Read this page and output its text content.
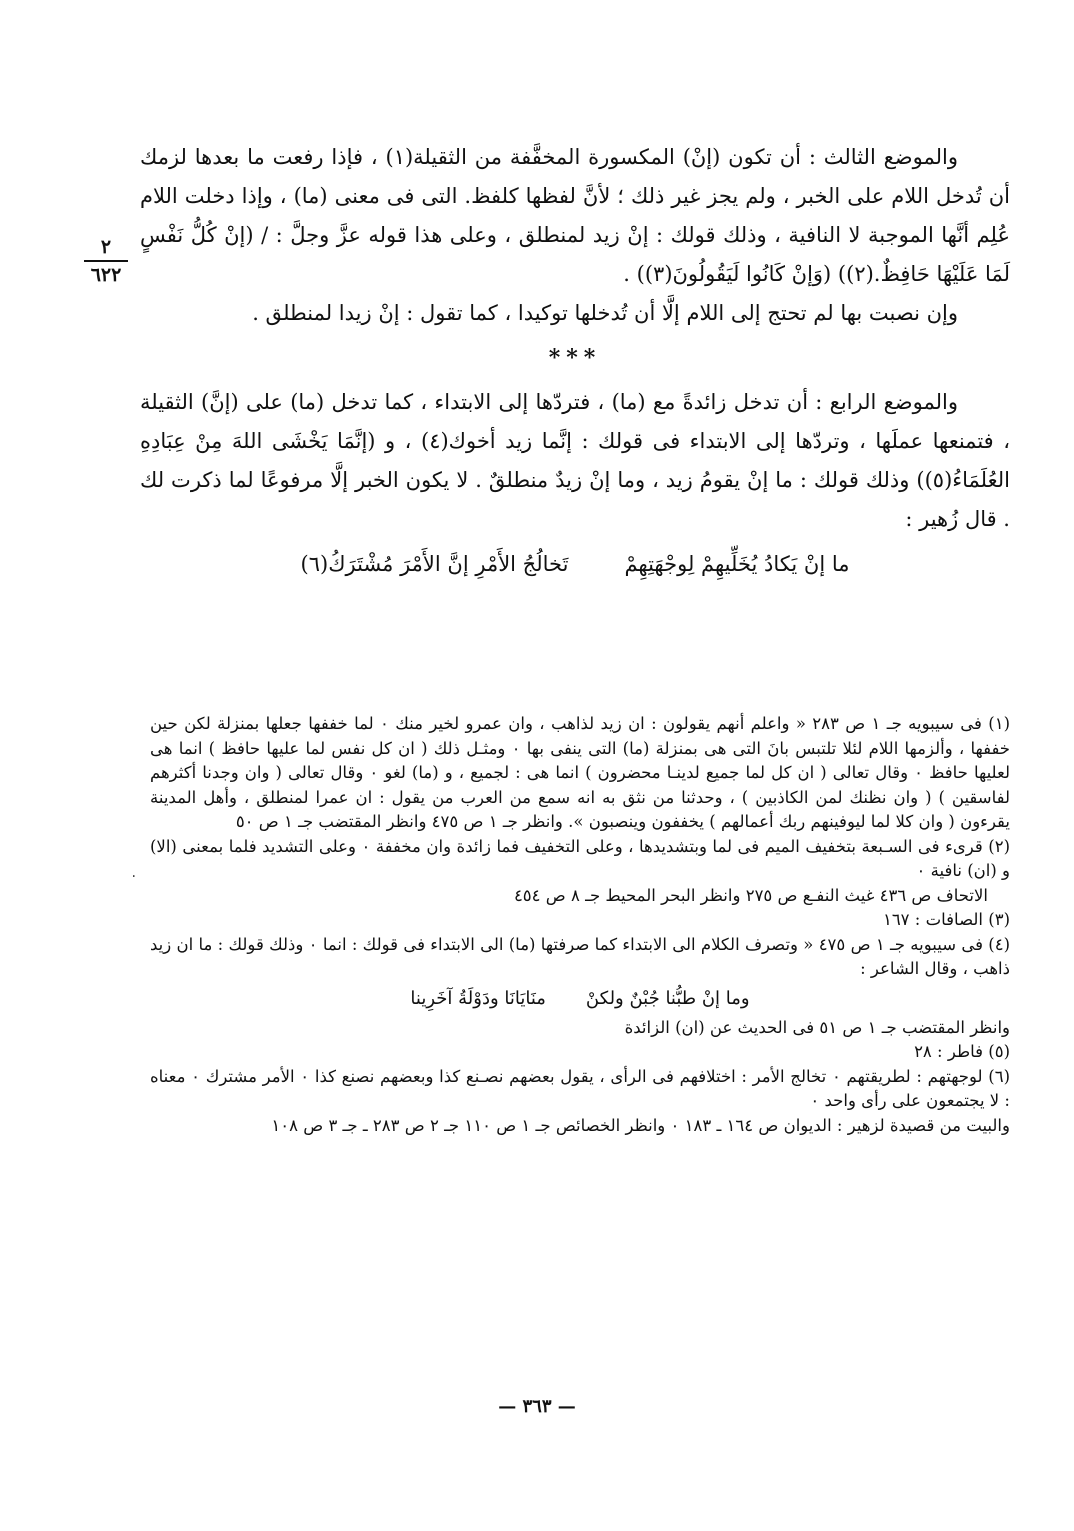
٢
٦٢٢
٠

والموضع الثالث : أن تكون (إنْ) المكسورة المخفَّفة من الثقيلة(١) ، فإذا رفعت ما بعدها لزمك أن تُدخل اللام على الخبر ، ولم يجز غير ذلك ؛ لأنَّ لفظها كلفظ. التى فى معنى (ما) ، وإذا دخلت اللام عُلِم أنَّها الموجبة لا النافية ، وذلك قولك : إنْ زيد لمنطلق ، وعلى هذا قوله عزَّ وجلَّ : / (إنْ كُلُّ نَفْسٍ لَمَا عَلَيْهَا حَافِظٌ.(٢)) (وَإنْ كَانُوا لَيَقُولُونَ(٣)) .

وإن نصبت بها لم تحتج إلى اللام إلَّا أن تُدخلها توكيدا ، كما تقول : إنْ زيدا لمنطلق .

***

والموضع الرابع : أن تدخل زائدةً مع (ما) ، فتردّها إلى الابتداء ، كما تدخل (ما) على (إنَّ) الثقيلة ، فتمنعها عملَها ، وتردّها إلى الابتداء فى قولك : إنَّما زيد أخوك(٤) ، و (إنَّمَا يَخْشَى اللهَ مِنْ عِبَادِهِ العُلَمَاءُ(٥)) وذلك قولك : ما إنْ يقومُ زيد ، وما إنْ زيدٌ منطلقٌ . لا يكون الخبر إلَّا مرفوعًا لما ذكرت لك . قال زُهير :

ما إنْ يَكادُ يُخَلِّيهِمْ لِوجْهَتِهِمْ
تَخالُجُ الأَمْرِ إنَّ الأَمْرَ مُشْتَرَكُ(٦)

(١) فى سيبويه جـ ١ ص ٢٨٣ « واعلم أنهم يقولون : ان زيد لذاهب ، وان عمرو لخير منك ٠ لما خففها جعلها بمنزلة لكن حين خففها ، وألزمها اللام لئلا تلتبس بانَ التى هى بمنزلة (ما) التى ينفى بها ٠ ومثـل ذلك ( ان كل نفس لما عليها حافظ ) انما هى لعليها حافظ ٠ وقال تعالى ( ان كل لما جميع لدينـا محضرون ) انما هى : لجميع ، و (ما) لغو ٠ وقال تعالى ( وان وجدنا أكثرهم لفاسقين ) ( وان نظنك لمن الكاذبين ) ، وحدثنا من نثق به انه سمع من العرب من يقول : ان عمرا لمنطلق ، وأهل المدينة يقرءون ( وان كلا لما ليوفينهم ربك أعمالهم ) يخففون وينصبون ». وانظر جـ ١ ص ٤٧٥ وانظر المقتضب جـ ١ ص ٥٠

(٢) قرىء فى السـبعة بتخفيف الميم فى لما وبتشديدها ، وعلى التخفيف فما زائدة وان مخففة ٠ وعلى التشديد فلما بمعنى (الا) و (ان) نافية ٠

الاتحاف ص ٤٣٦ غيث النفـع ص ٢٧٥ وانظر البحر المحيط جـ ٨ ص ٤٥٤

(٣) الصافات : ١٦٧

(٤) فى سيبويه جـ ١ ص ٤٧٥ « وتصرف الكلام الى الابتداء كما صرفتها (ما) الى الابتداء فى قولك : انما ٠ وذلك قولك : ما ان زيد ذاهب ، وقال الشاعر :

وما إنْ طبُّنا جُبْنٌ ولكنْ
منَايَانَا ودَوْلَةُ آخَرِينا

وانظر المقتضب جـ ١ ص ٥١ فى الحديث عن (ان) الزائدة

(٥) فاطر : ٢٨

(٦) لوجهتهم : لطريقتهم ٠ تخالج الأمر : اختلافهم فى الرأى ، يقول بعضهم نصـنع كذا وبعضهم نصنع كذا ٠ الأمر مشترك ٠ معناه : لا يجتمعون على رأى واحد ٠

والبيت من قصيدة لزهير : الديوان ص ١٦٤ ـ ١٨٣ ٠ وانظر الخصائص جـ ١ ص ١١٠ جـ ٢ ص ٢٨٣ ـ جـ ٣ ص ١٠٨

— ٣٦٣ —
